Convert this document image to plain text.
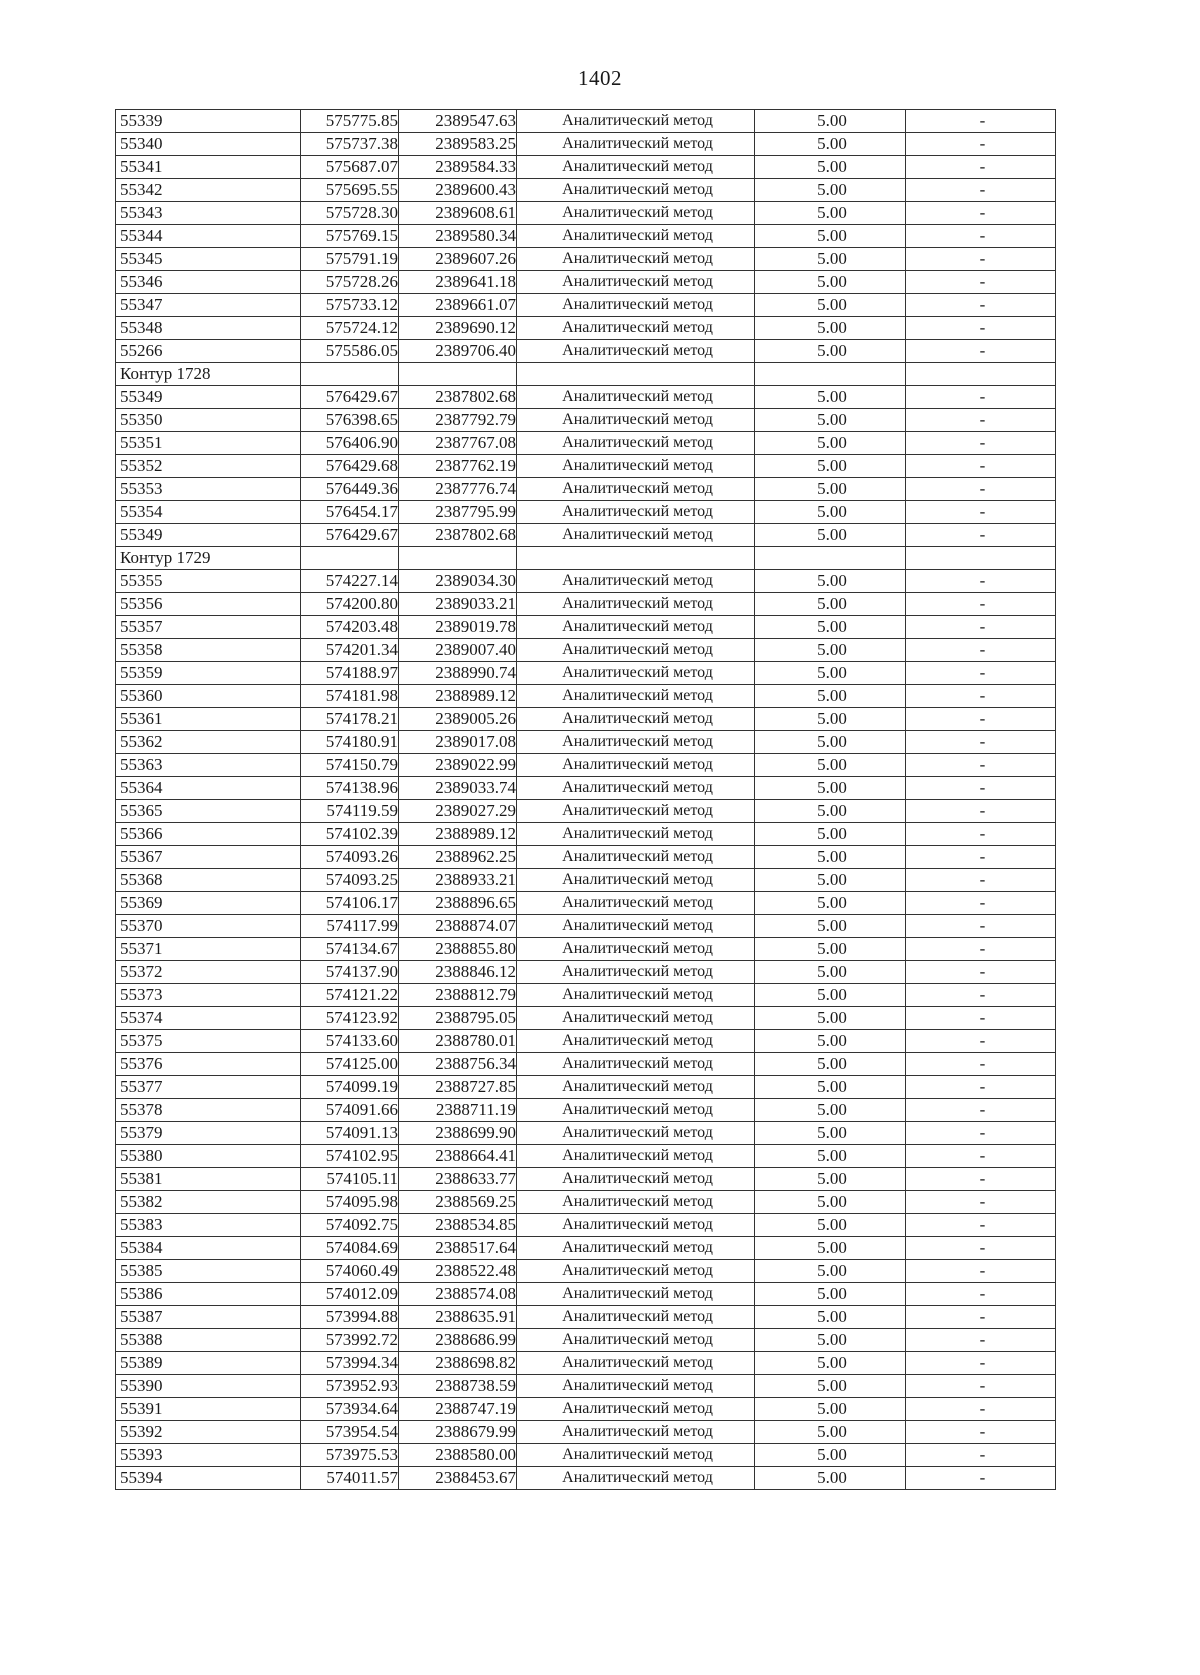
1402
55339	575775.85	2389547.63	Аналитический метод	5.00	-
55340	575737.38	2389583.25	Аналитический метод	5.00	-
55341	575687.07	2389584.33	Аналитический метод	5.00	-
55342	575695.55	2389600.43	Аналитический метод	5.00	-
55343	575728.30	2389608.61	Аналитический метод	5.00	-
55344	575769.15	2389580.34	Аналитический метод	5.00	-
55345	575791.19	2389607.26	Аналитический метод	5.00	-
55346	575728.26	2389641.18	Аналитический метод	5.00	-
55347	575733.12	2389661.07	Аналитический метод	5.00	-
55348	575724.12	2389690.12	Аналитический метод	5.00	-
55266	575586.05	2389706.40	Аналитический метод	5.00	-
Контур 1728					
55349	576429.67	2387802.68	Аналитический метод	5.00	-
55350	576398.65	2387792.79	Аналитический метод	5.00	-
55351	576406.90	2387767.08	Аналитический метод	5.00	-
55352	576429.68	2387762.19	Аналитический метод	5.00	-
55353	576449.36	2387776.74	Аналитический метод	5.00	-
55354	576454.17	2387795.99	Аналитический метод	5.00	-
55349	576429.67	2387802.68	Аналитический метод	5.00	-
Контур 1729					
55355	574227.14	2389034.30	Аналитический метод	5.00	-
55356	574200.80	2389033.21	Аналитический метод	5.00	-
55357	574203.48	2389019.78	Аналитический метод	5.00	-
55358	574201.34	2389007.40	Аналитический метод	5.00	-
55359	574188.97	2388990.74	Аналитический метод	5.00	-
55360	574181.98	2388989.12	Аналитический метод	5.00	-
55361	574178.21	2389005.26	Аналитический метод	5.00	-
55362	574180.91	2389017.08	Аналитический метод	5.00	-
55363	574150.79	2389022.99	Аналитический метод	5.00	-
55364	574138.96	2389033.74	Аналитический метод	5.00	-
55365	574119.59	2389027.29	Аналитический метод	5.00	-
55366	574102.39	2388989.12	Аналитический метод	5.00	-
55367	574093.26	2388962.25	Аналитический метод	5.00	-
55368	574093.25	2388933.21	Аналитический метод	5.00	-
55369	574106.17	2388896.65	Аналитический метод	5.00	-
55370	574117.99	2388874.07	Аналитический метод	5.00	-
55371	574134.67	2388855.80	Аналитический метод	5.00	-
55372	574137.90	2388846.12	Аналитический метод	5.00	-
55373	574121.22	2388812.79	Аналитический метод	5.00	-
55374	574123.92	2388795.05	Аналитический метод	5.00	-
55375	574133.60	2388780.01	Аналитический метод	5.00	-
55376	574125.00	2388756.34	Аналитический метод	5.00	-
55377	574099.19	2388727.85	Аналитический метод	5.00	-
55378	574091.66	2388711.19	Аналитический метод	5.00	-
55379	574091.13	2388699.90	Аналитический метод	5.00	-
55380	574102.95	2388664.41	Аналитический метод	5.00	-
55381	574105.11	2388633.77	Аналитический метод	5.00	-
55382	574095.98	2388569.25	Аналитический метод	5.00	-
55383	574092.75	2388534.85	Аналитический метод	5.00	-
55384	574084.69	2388517.64	Аналитический метод	5.00	-
55385	574060.49	2388522.48	Аналитический метод	5.00	-
55386	574012.09	2388574.08	Аналитический метод	5.00	-
55387	573994.88	2388635.91	Аналитический метод	5.00	-
55388	573992.72	2388686.99	Аналитический метод	5.00	-
55389	573994.34	2388698.82	Аналитический метод	5.00	-
55390	573952.93	2388738.59	Аналитический метод	5.00	-
55391	573934.64	2388747.19	Аналитический метод	5.00	-
55392	573954.54	2388679.99	Аналитический метод	5.00	-
55393	573975.53	2388580.00	Аналитический метод	5.00	-
55394	574011.57	2388453.67	Аналитический метод	5.00	-
